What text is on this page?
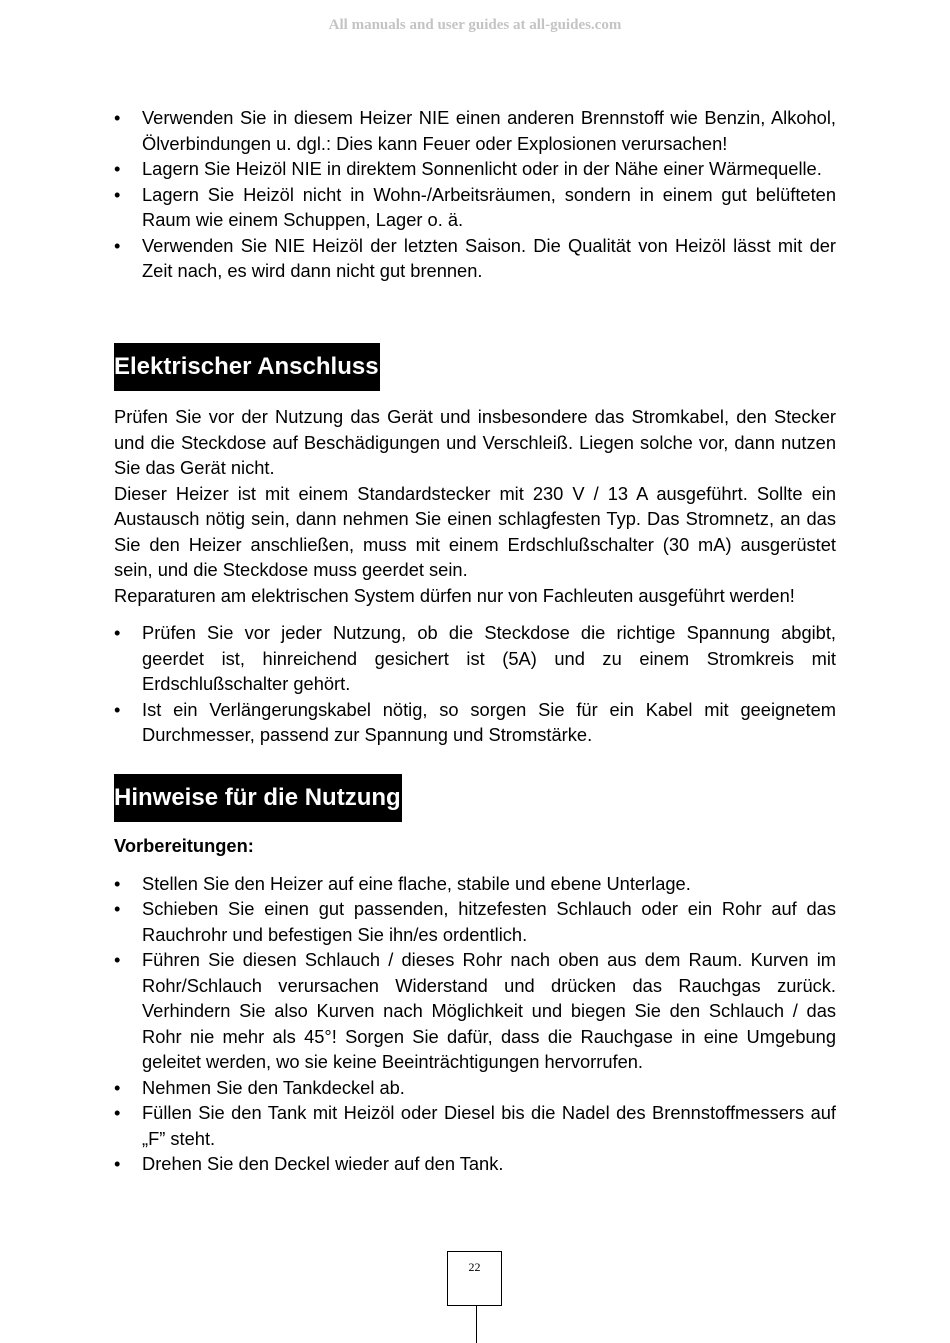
All manuals and user guides at all-guides.com

• Verwenden Sie in diesem Heizer NIE einen anderen Brennstoff wie Benzin, Alkohol, Ölverbindungen u. dgl.: Dies kann Feuer oder Explosionen verursachen!
• Lagern Sie Heizöl NIE in direktem Sonnenlicht oder in der Nähe einer Wärmequelle.
• Lagern Sie Heizöl nicht in Wohn-/Arbeitsräumen, sondern in einem gut belüfteten Raum wie einem Schuppen, Lager o. ä.
• Verwenden Sie NIE Heizöl der letzten Saison. Die Qualität von Heizöl lässt mit der Zeit nach, es wird dann nicht gut brennen.
Elektrischer Anschluss

Prüfen Sie vor der Nutzung das Gerät und insbesondere das Stromkabel, den Stecker und die Steckdose auf Beschädigungen und Verschleiß. Liegen solche vor, dann nutzen Sie das Gerät nicht.

Dieser Heizer ist mit einem Standardstecker mit 230 V / 13 A ausgeführt. Sollte ein Austausch nötig sein, dann nehmen Sie einen schlagfesten Typ. Das Stromnetz, an das Sie den Heizer anschließen, muss mit einem Erdschlußschalter (30 mA) ausgerüstet sein, und die Steckdose muss geerdet sein.

Reparaturen am elektrischen System dürfen nur von Fachleuten ausgeführt werden!

• Prüfen Sie vor jeder Nutzung, ob die Steckdose die richtige Spannung abgibt, geerdet ist, hinreichend gesichert ist (5A) und zu einem Stromkreis mit Erdschlußschalter gehört.
• Ist ein Verlängerungskabel nötig, so sorgen Sie für ein Kabel mit geeignetem Durchmesser, passend zur Spannung und Stromstärke.
Hinweise für die Nutzung

Vorbereitungen:

• Stellen Sie den Heizer auf eine flache, stabile und ebene Unterlage.
• Schieben Sie einen gut passenden, hitzefesten Schlauch oder ein Rohr auf das Rauchrohr und befestigen Sie ihn/es ordentlich.
• Führen Sie diesen Schlauch / dieses Rohr nach oben aus dem Raum. Kurven im Rohr/Schlauch verursachen Widerstand und drücken das Rauchgas zurück. Verhindern Sie also Kurven nach Möglichkeit und biegen Sie den Schlauch / das Rohr nie mehr als 45°! Sorgen Sie dafür, dass die Rauchgase in eine Umgebung geleitet werden, wo sie keine Beeinträchtigungen hervorrufen.
• Nehmen Sie den Tankdeckel ab.
• Füllen Sie den Tank mit Heizöl oder Diesel bis die Nadel des Brennstoffmessers auf „F” steht.
• Drehen Sie den Deckel wieder auf den Tank.
22
